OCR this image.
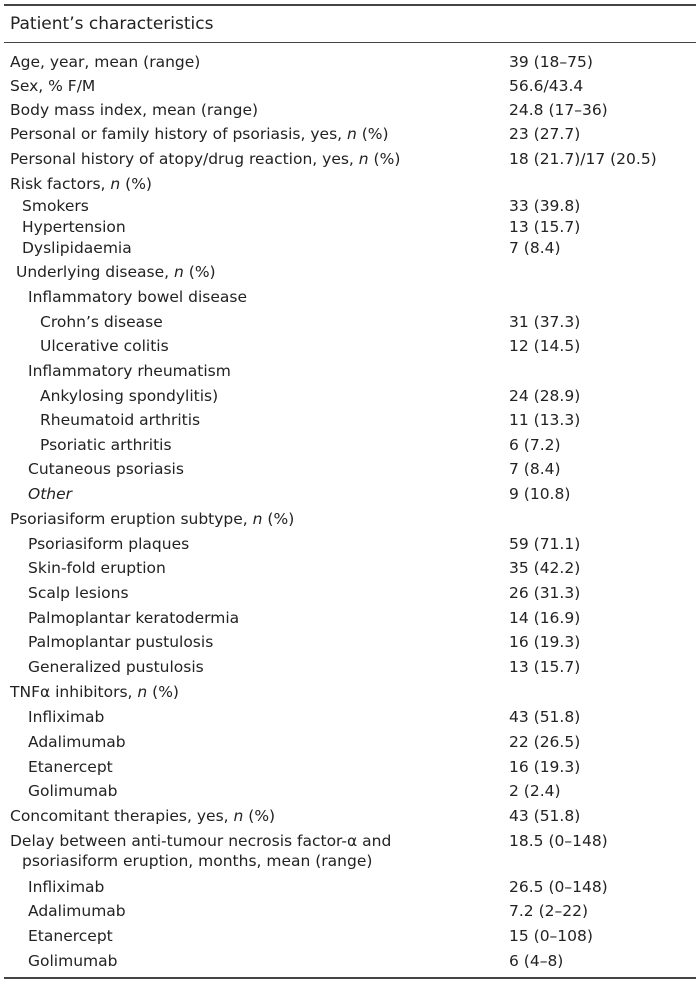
Patient’s characteristics
Age, year, mean (range)	39 (18–75)
Sex, % F/M	56.6/43.4
Body mass index, mean (range)	24.8 (17–36)
Personal or family history of psoriasis, yes, n (%)	23 (27.7)
Personal history of atopy/drug reaction, yes, n (%)	18 (21.7)/17 (20.5)
Risk factors, n (%)
Smokers	33 (39.8)
Hypertension	13 (15.7)
Dyslipidaemia	7 (8.4)
Underlying disease, n (%)
Inflammatory bowel disease
Crohn’s disease	31 (37.3)
Ulcerative colitis	12 (14.5)
Inflammatory rheumatism
Ankylosing spondylitis)	24 (28.9)
Rheumatoid arthritis	11 (13.3)
Psoriatic arthritis	6 (7.2)
Cutaneous psoriasis	7 (8.4)
Other	9 (10.8)
Psoriasiform eruption subtype, n (%)
Psoriasiform plaques	59 (71.1)
Skin-fold eruption	35 (42.2)
Scalp lesions	26 (31.3)
Palmoplantar keratodermia	14 (16.9)
Palmoplantar pustulosis	16 (19.3)
Generalized pustulosis	13 (15.7)
TNFα inhibitors, n (%)
Infliximab	43 (51.8)
Adalimumab	22 (26.5)
Etanercept	16 (19.3)
Golimumab	2 (2.4)
Concomitant therapies, yes, n (%)	43 (51.8)
Delay between anti-tumour necrosis factor-α and	18.5 (0–148)
psoriasiform eruption, months, mean (range)
Infliximab	26.5 (0–148)
Adalimumab	7.2 (2–22)
Etanercept	15 (0–108)
Golimumab	6 (4–8)
